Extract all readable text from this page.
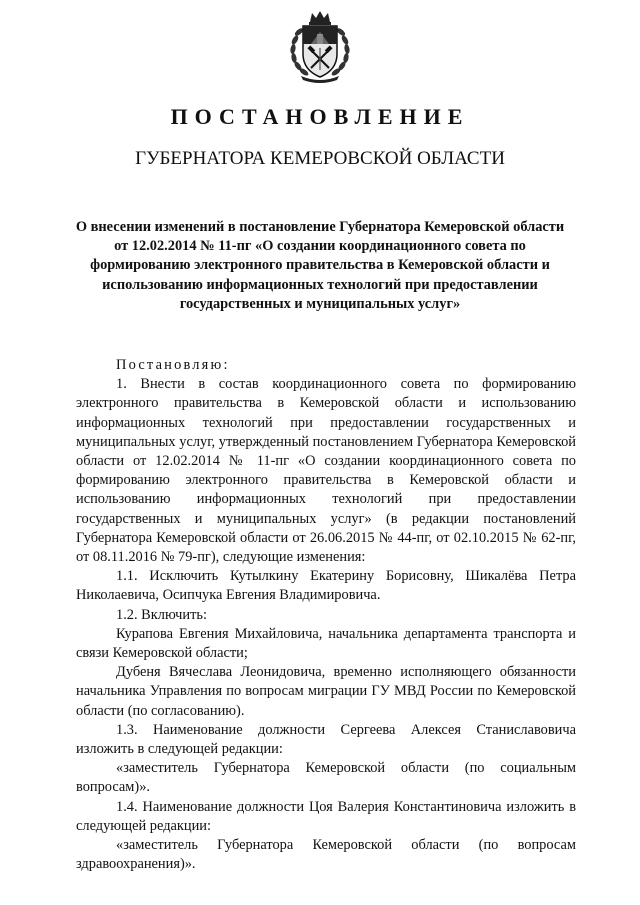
ПОСТАНОВЛЕНИЕ
ГУБЕРНАТОРА КЕМЕРОВСКОЙ ОБЛАСТИ
О внесении изменений в постановление Губернатора Кемеровской области от 12.02.2014 № 11-пг «О создании координационного совета по формированию электронного правительства в Кемеровской области и использованию информационных технологий при предоставлении государственных и муниципальных услуг»

Постановляю:

1. Внести в состав координационного совета по формированию электронного правительства в Кемеровской области и использованию информационных технологий при предоставлении государственных и муниципальных услуг, утвержденный постановлением Губернатора Кемеровской области от 12.02.2014 № 11-пг «О создании координационного совета по формированию электронного правительства в Кемеровской области и использованию информационных технологий при предоставлении государственных и муниципальных услуг» (в редакции постановлений Губернатора Кемеровской области от 26.06.2015 № 44-пг, от 02.10.2015 № 62-пг, от 08.11.2016 № 79-пг), следующие изменения:

1.1. Исключить Кутылкину Екатерину Борисовну, Шикалёва Петра Николаевича, Осипчука Евгения Владимировича.

1.2. Включить:

Курапова Евгения Михайловича, начальника департамента транспорта и связи Кемеровской области;

Дубеня Вячеслава Леонидовича, временно исполняющего обязанности начальника Управления по вопросам миграции ГУ МВД России по Кемеровской области (по согласованию).

1.3. Наименование должности Сергеева Алексея Станиславовича изложить в следующей редакции:

«заместитель Губернатора Кемеровской области (по социальным вопросам)».

1.4. Наименование должности Цоя Валерия Константиновича изложить в следующей редакции:

«заместитель Губернатора Кемеровской области (по вопросам здравоохранения)».
